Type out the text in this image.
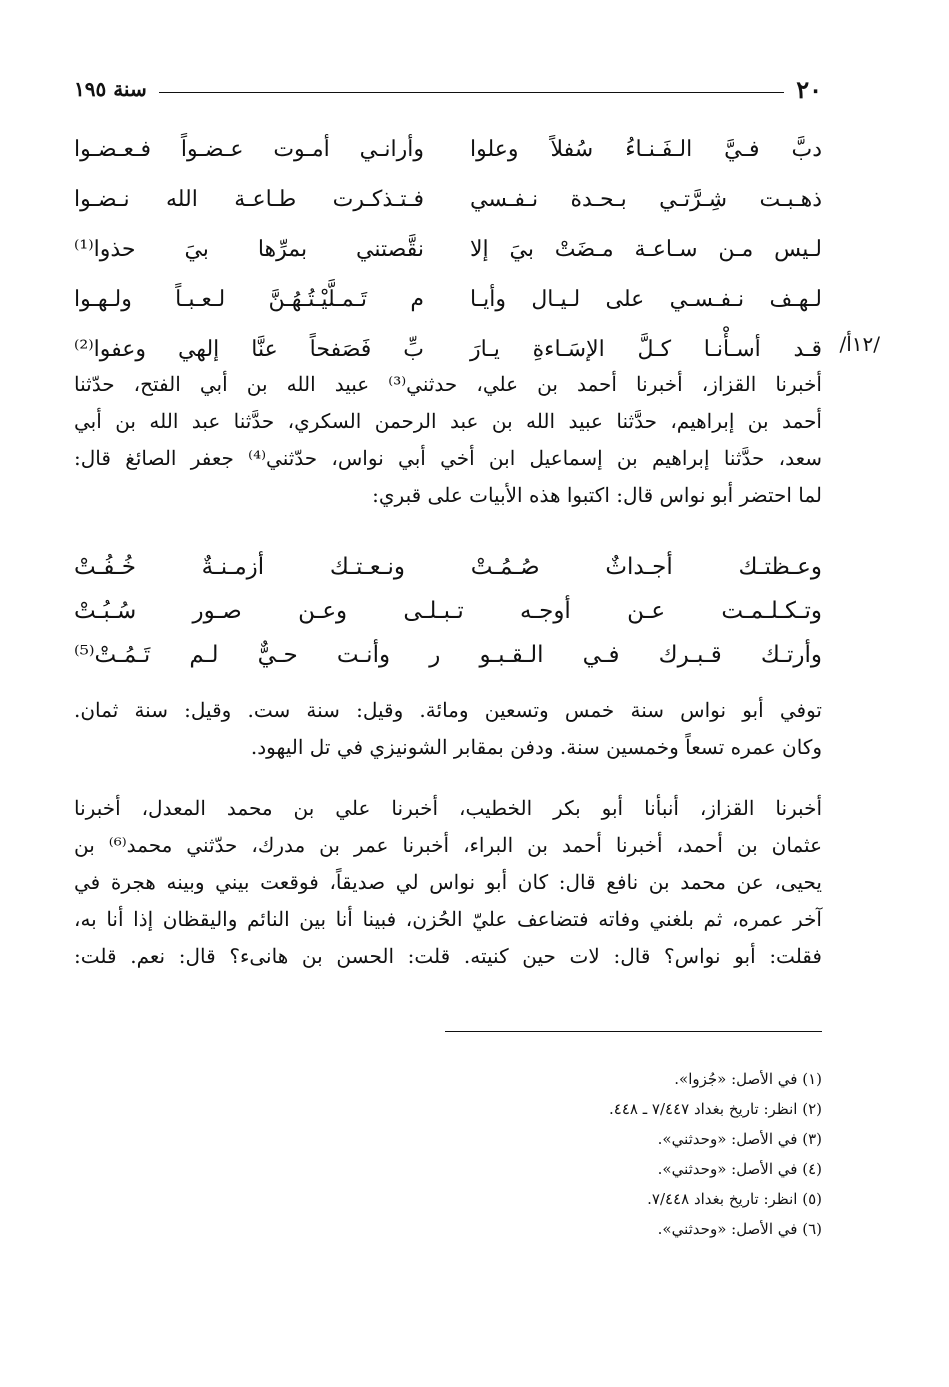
٢٠
سنة ١٩٥
دبَّ فـيَّ الـفَـنـاءُ سُفلاً وعلوا
وأرانـي أمـوت عـضـواً فـعـضـوا
ذهـبـت شِـرَّتـي بـحـدة نـفـسي
فـتـذكـرت طـاعـة الله نـضـوا
لـيس مـن سـاعـة مـضَتْ بيَ إلا
نقَّصتني بمرِّها بيَ حذوا⁽¹⁾
لـهـف نـفـسـي على لـيـال وأيـا
م تَـمـلَّيْـتُـهُـنَّ لـعـبـاً ولـهـوا
/١٢أ/
قـد أسـأْنـا كـلَّ الإسَـاءةِ يـارَ
بِّ فَصَفحاً عنَّا إلهي وعفوا⁽²⁾
أخبرنا القزاز، أخبرنا أحمد بن علي، حدثني⁽³⁾ عبيد الله بن أبي الفتح، حدّثنا
أحمد بن إبراهيم، حدَّثنا عبيد الله بن عبد الرحمن السكري، حدَّثنا عبد الله بن أبي
سعد، حدَّثنا إبراهيم بن إسماعيل ابن أخي أبي نواس، حدّثني⁽⁴⁾ جعفر الصائغ قال:
لما احتضر أبو نواس قال: اكتبوا هذه الأبيات على قبري:
وعـظتـك أجـداثٌ صُـمُـتْ ونـعـتـك أزمـنـةٌ خُـفُـتْ
وتـكـلـمـت عـن أوجـه تـبـلـى وعـن صـور سُـبُـتْ
وأرتـك قـبـرك فـي الـقـبـو ر وأنـت حـيٌّ لـم تَـمُـتْ⁽⁵⁾
توفي أبو نواس سنة خمس وتسعين ومائة. وقيل: سنة ست. وقيل: سنة ثمان.
وكان عمره تسعاً وخمسين سنة. ودفن بمقابر الشونيزي في تل اليهود.
أخبرنا القزاز، أنبأنا أبو بكر الخطيب، أخبرنا علي بن محمد المعدل، أخبرنا
عثمان بن أحمد، أخبرنا أحمد بن البراء، أخبرنا عمر بن مدرك، حدّثني محمد⁽⁶⁾ بن
يحيى، عن محمد بن نافع قال: كان أبو نواس لي صديقاً، فوقعت بيني وبينه هجرة في
آخر عمره، ثم بلغني وفاته فتضاعف عليّ الحُزن، فبينا أنا بين النائم واليقظان إذا أنا به،
فقلت: أبو نواس؟ قال: لات حين كنيته. قلت: الحسن بن هانىء؟ قال: نعم. قلت:
(١) في الأصل: «جُزوا».
(٢) انظر: تاريخ بغداد ٧/٤٤٧ ـ ٤٤٨.
(٣) في الأصل: «وحدثني».
(٤) في الأصل: «وحدثني».
(٥) انظر: تاريخ بغداد ٧/٤٤٨.
(٦) في الأصل: «وحدثني».
